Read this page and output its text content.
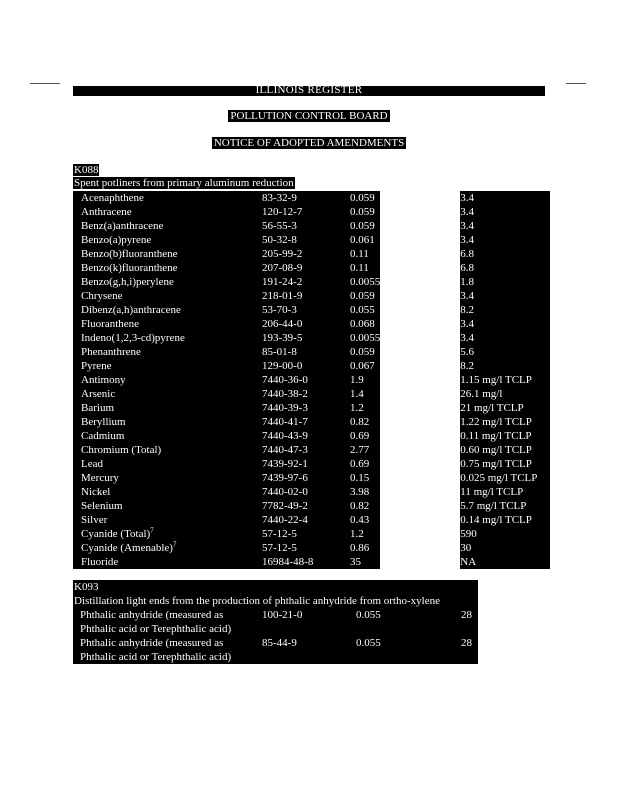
ILLINOIS REGISTER
POLLUTION CONTROL BOARD
NOTICE OF ADOPTED AMENDMENTS
K088
Spent potliners from primary aluminum reduction
Acenaphthene	83-32-9	0.059		3.4
Anthracene	120-12-7	0.059		3.4
Benz(a)anthracene	56-55-3	0.059		3.4
Benzo(a)pyrene	50-32-8	0.061		3.4
Benzo(b)fluoranthene	205-99-2	0.11		6.8
Benzo(k)fluoranthene	207-08-9	0.11		6.8
Benzo(g,h,i)perylene	191-24-2	0.0055		1.8
Chrysene	218-01-9	0.059		3.4
Dibenz(a,h)anthracene	53-70-3	0.055		8.2
Fluoranthene	206-44-0	0.068		3.4
Indeno(1,2,3-cd)pyrene	193-39-5	0.0055		3.4
Phenanthrene	85-01-8	0.059		5.6
Pyrene	129-00-0	0.067		8.2
Antimony	7440-36-0	1.9		1.15 mg/l TCLP
Arsenic	7440-38-2	1.4		26.1 mg/l
Barium	7440-39-3	1.2		21 mg/l TCLP
Beryllium	7440-41-7	0.82		1.22 mg/l TCLP
Cadmium	7440-43-9	0.69		0.11 mg/l TCLP
Chromium (Total)	7440-47-3	2.77		0.60 mg/l TCLP
Lead	7439-92-1	0.69		0.75 mg/l TCLP
Mercury	7439-97-6	0.15		0.025 mg/l TCLP
Nickel	7440-02-0	3.98		11 mg/l TCLP
Selenium	7782-49-2	0.82		5.7 mg/l TCLP
Silver	7440-22-4	0.43		0.14 mg/l TCLP
Cyanide (Total)$^7$	57-12-5	1.2		590
Cyanide (Amenable)$^7$	57-12-5	0.86		30
Fluoride	16984-48-8	35		NA
K093
Distillation light ends from the production of phthalic anhydride from ortho-xylene
Phthalic anhydride (measured as Phthalic acid or Terephthalic acid)	100-21-0	0.055	28
Phthalic anhydride (measured as Phthalic acid or Terephthalic acid)	85-44-9	0.055	28
